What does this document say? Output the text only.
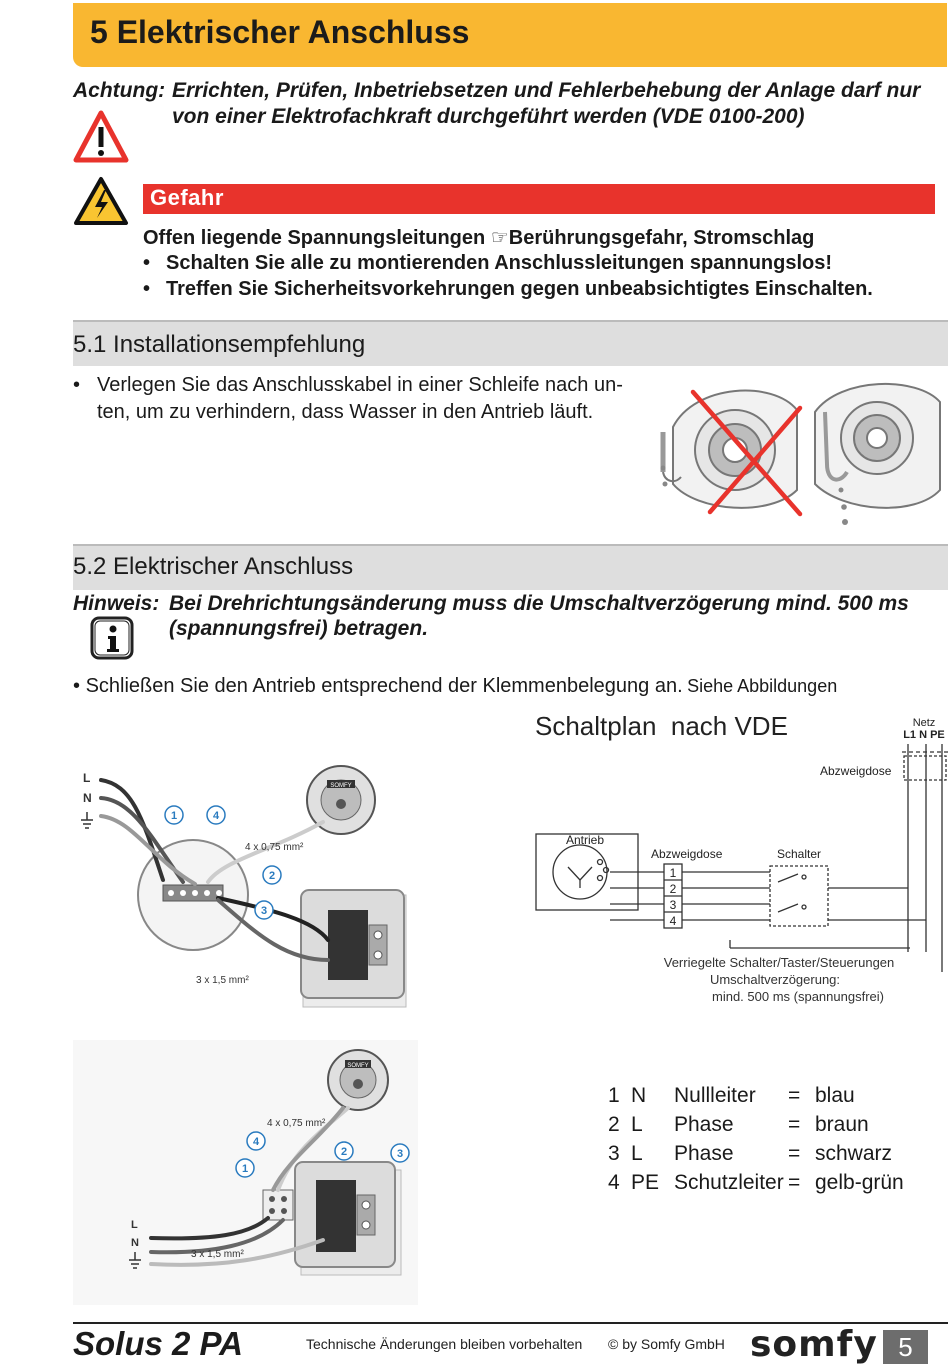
5 Elektrischer Anschluss
Achtung: Errichten, Prüfen, Inbetriebsetzen und Fehlerbehebung der Anlage darf nur
von einer Elektrofachkraft durchgeführt werden (VDE 0100-200)
Gefahr
Offen liegende Spannungsleitungen ☞Berührungsgefahr, Stromschlag
• Schalten Sie alle zu montierenden Anschlussleitungen spannungslos!
• Treffen Sie Sicherheitsvorkehrungen gegen unbeabsichtigtes Einschalten.
5.1 Installationsempfehlung
• Verlegen Sie das Anschlusskabel in einer Schleife nach un-
ten, um zu verhindern, dass Wasser in den Antrieb läuft.
5.2 Elektrischer Anschluss
Hinweis: Bei Drehrichtungsänderung muss die Umschaltverzögerung mind. 500 ms
(spannungsfrei) betragen.
• Schließen Sie den Antrieb entsprechend der Klemmenbelegung an. Siehe Abbildungen
SOMFY
L
N
1	4
2
3
4 x 0,75 mm²
3 x 1,5 mm²
SOMFY
L
N
4
1
2	3
4 x 0,75 mm²
3 x 1,5 mm²
Schaltplan  nach VDE	Netz
L1 N PE
Abzweigdose
Antrieb
Abzweigdose	Schalter
1
2
3
4
Verriegelte Schalter/Taster/Steuerungen
Umschaltverzögerung:
mind. 500 ms (spannungsfrei)
1 N Nullleiter = blau
2 L Phase	= braun
3 L Phase	= schwarz
4 PE Schutzleiter = gelb-grün
Solus 2 PA	Technische Änderungen bleiben vorbehalten © by Somfy GmbH somfy 5
